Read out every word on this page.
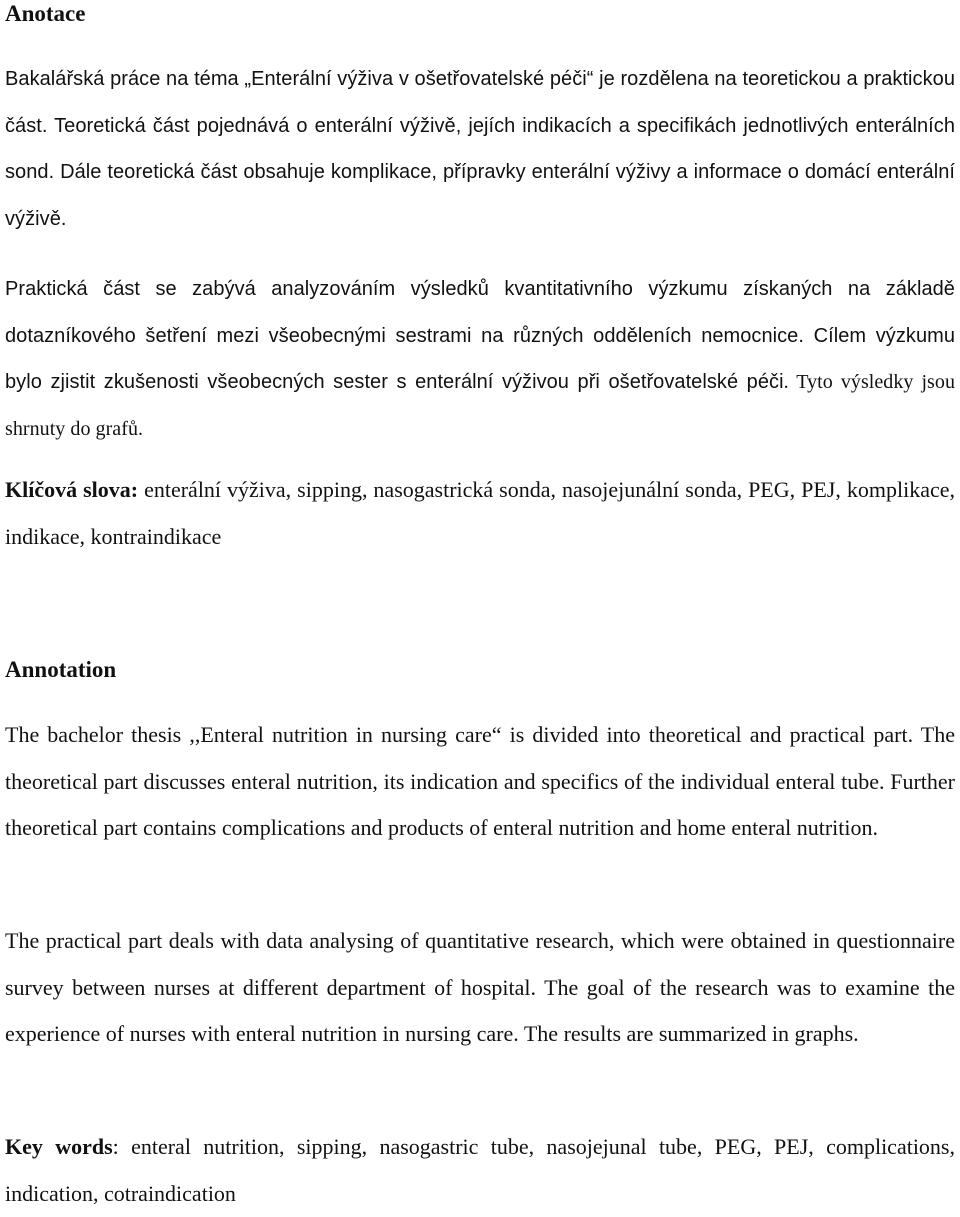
Anotace

Bakalářská práce na téma „Enterální výživa v ošetřovatelské péči“ je rozdělena na teoretickou a praktickou část. Teoretická část pojednává o enterální výživě, jejích indikacích a specifikách jednotlivých enterálních sond. Dále teoretická část obsahuje komplikace, přípravky enterální výživy a informace o domácí enterální výživě.

Praktická část se zabývá analyzováním výsledků kvantitativního výzkumu získaných na základě dotazníkového šetření mezi všeobecnými sestrami na různých odděleních nemocnice. Cílem výzkumu bylo zjistit zkušenosti všeobecných sester s enterální výživou při ošetřovatelské péči. Tyto výsledky jsou shrnuty do grafů.

Klíčová slova: enterální výživa, sipping, nasogastrická sonda, nasojejunální sonda, PEG, PEJ, komplikace, indikace, kontraindikace

Annotation

The bachelor thesis ,,Enteral nutrition in nursing care“ is divided into theoretical and practical part. The theoretical part discusses enteral nutrition, its indication and specifics of the individual enteral tube. Further theoretical part contains complications and products of enteral nutrition and home enteral nutrition.

The practical part deals with data analysing of quantitative research, which were obtained in questionnaire survey between nurses at different department of hospital. The goal of the research was to examine the experience of nurses with enteral nutrition in nursing care. The results are summarized in graphs.

Key words: enteral nutrition, sipping, nasogastric tube, nasojejunal tube, PEG, PEJ, complications, indication, cotraindication
